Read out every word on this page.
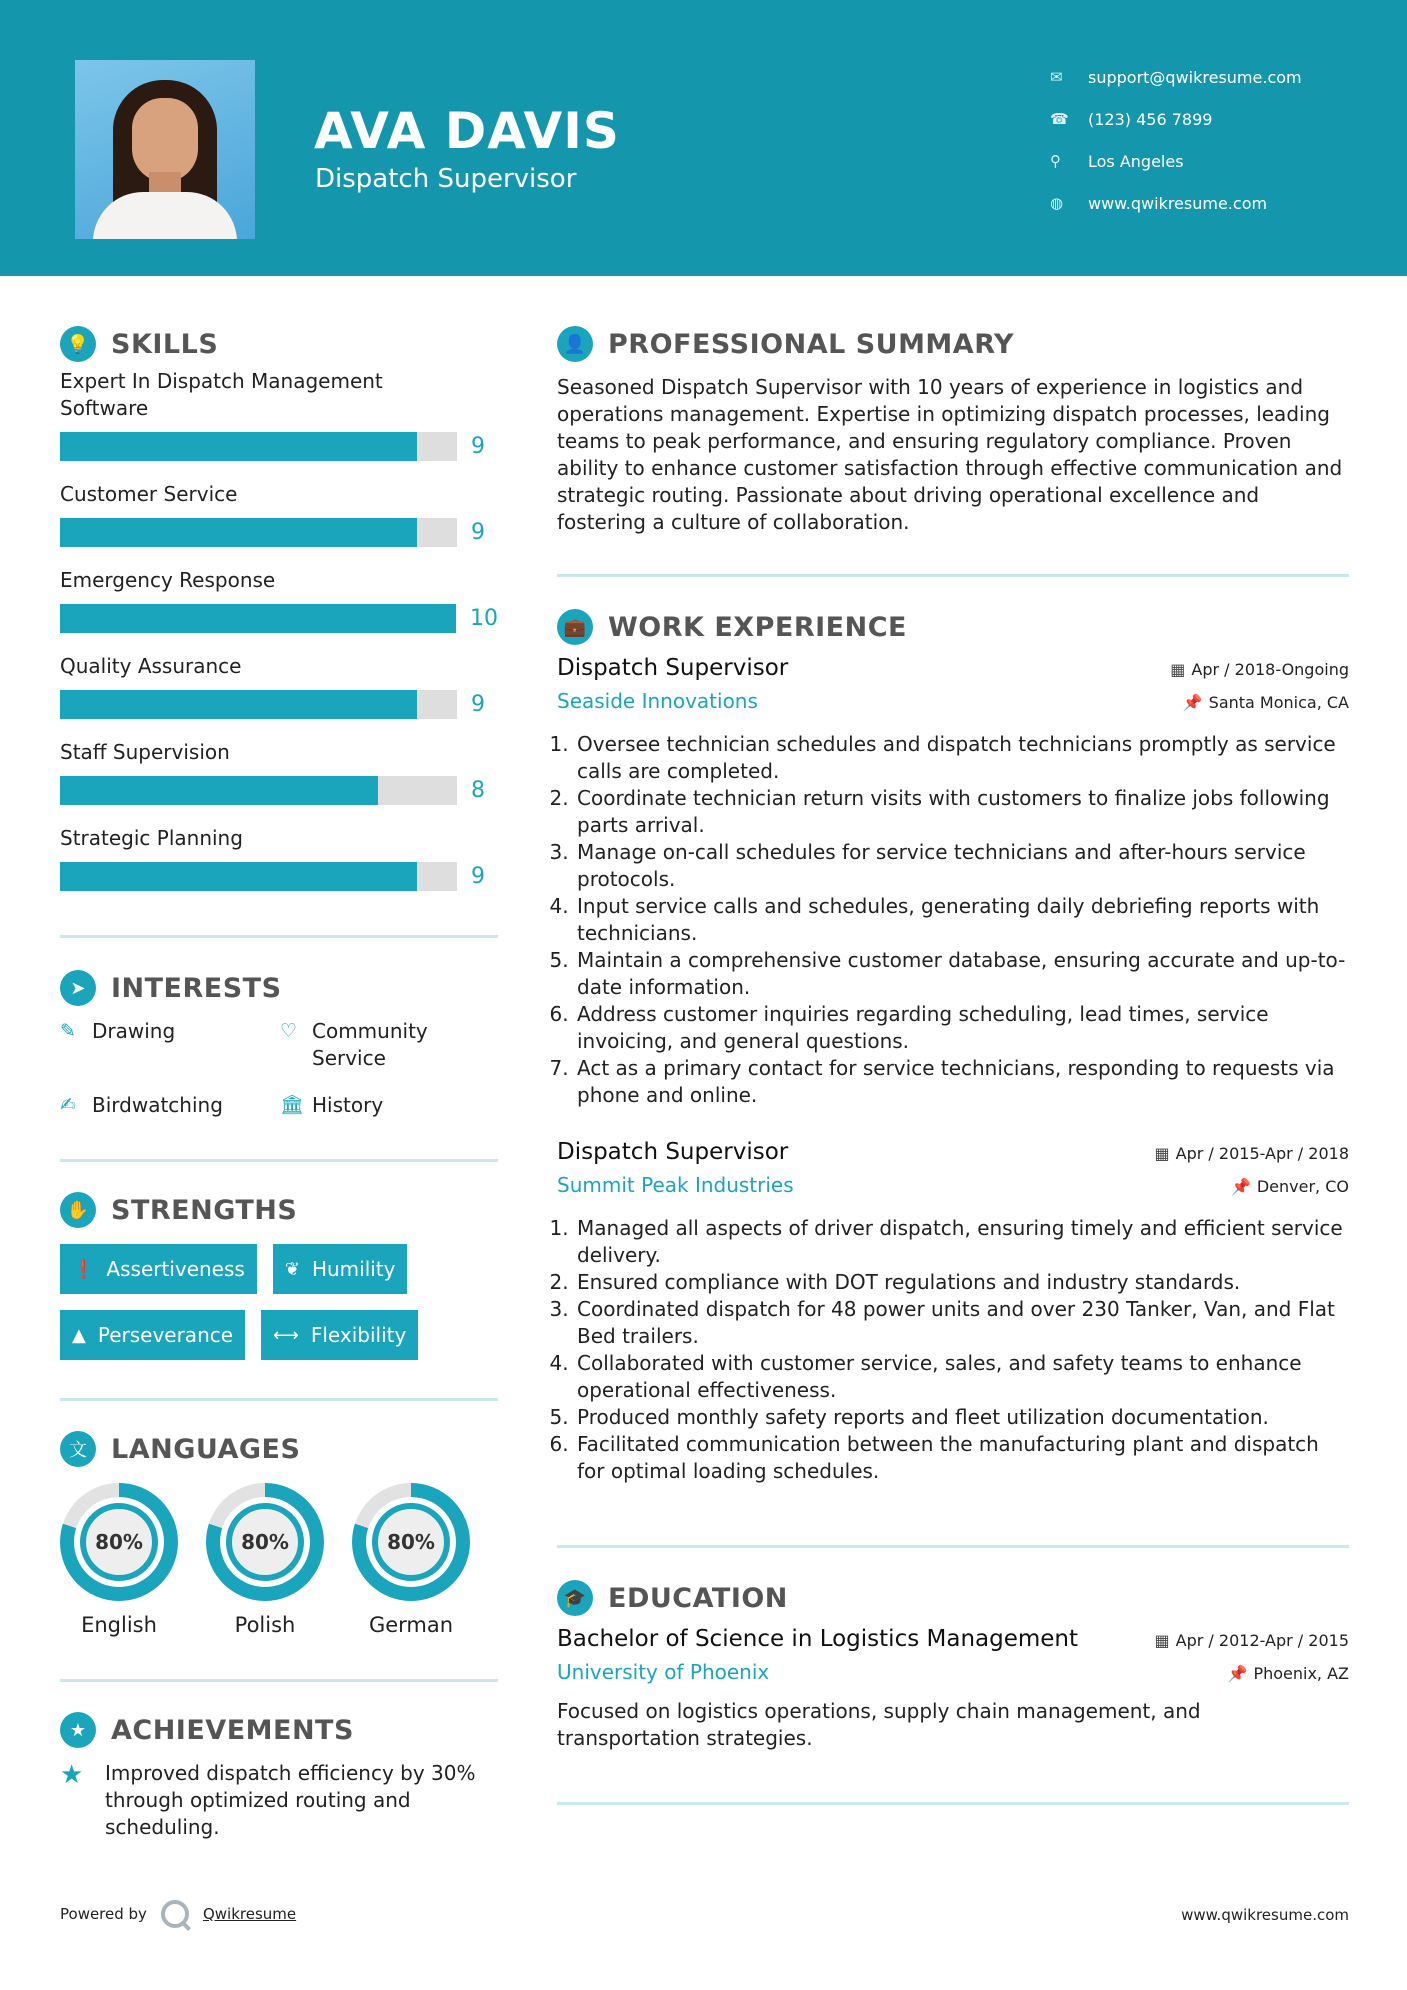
AVA DAVIS
Dispatch Supervisor
✉	support@qwikresume.com
☎	(123) 456 7899
⚲	Los Angeles
◍	www.qwikresume.com
💡 SKILLS
Expert In Dispatch Management Software
9
Customer Service
9
Emergency Response
10
Quality Assurance
9
Staff Supervision
8
Strategic Planning
9
➤ INTERESTS
✎ Drawing	♡ Community Service
✍ Birdwatching	🏛 History
✋ STRENGTHS
❗ Assertiveness ❦ Humility
▲ Perseverance ⟷ Flexibility
文 LANGUAGES
80%
English
80%
Polish
80%
German
★ ACHIEVEMENTS
★	Improved dispatch efficiency by 30% through optimized routing and scheduling.
👤 PROFESSIONAL SUMMARY
Seasoned Dispatch Supervisor with 10 years of experience in logistics and operations management. Expertise in optimizing dispatch processes, leading teams to peak performance, and ensuring regulatory compliance. Proven ability to enhance customer satisfaction through effective communication and strategic routing. Passionate about driving operational excellence and fostering a culture of collaboration.
💼 WORK EXPERIENCE
Dispatch Supervisor	▦ Apr / 2018-Ongoing
Seaside Innovations	📌 Santa Monica, CA
1. Oversee technician schedules and dispatch technicians promptly as service calls are completed.
2. Coordinate technician return visits with customers to finalize jobs following parts arrival.
3. Manage on-call schedules for service technicians and after-hours service protocols.
4. Input service calls and schedules, generating daily debriefing reports with technicians.
5. Maintain a comprehensive customer database, ensuring accurate and up-to-date information.
6. Address customer inquiries regarding scheduling, lead times, service invoicing, and general questions.
7. Act as a primary contact for service technicians, responding to requests via phone and online.
Dispatch Supervisor	▦ Apr / 2015-Apr / 2018
Summit Peak Industries	📌 Denver, CO
1. Managed all aspects of driver dispatch, ensuring timely and efficient service delivery.
2. Ensured compliance with DOT regulations and industry standards.
3. Coordinated dispatch for 48 power units and over 230 Tanker, Van, and Flat Bed trailers.
4. Collaborated with customer service, sales, and safety teams to enhance operational effectiveness.
5. Produced monthly safety reports and fleet utilization documentation.
6. Facilitated communication between the manufacturing plant and dispatch for optimal loading schedules.
🎓 EDUCATION
Bachelor of Science in Logistics Management	▦ Apr / 2012-Apr / 2015
University of Phoenix	📌 Phoenix, AZ
Focused on logistics operations, supply chain management, and transportation strategies.
Powered by	Qwikresume	www.qwikresume.com
